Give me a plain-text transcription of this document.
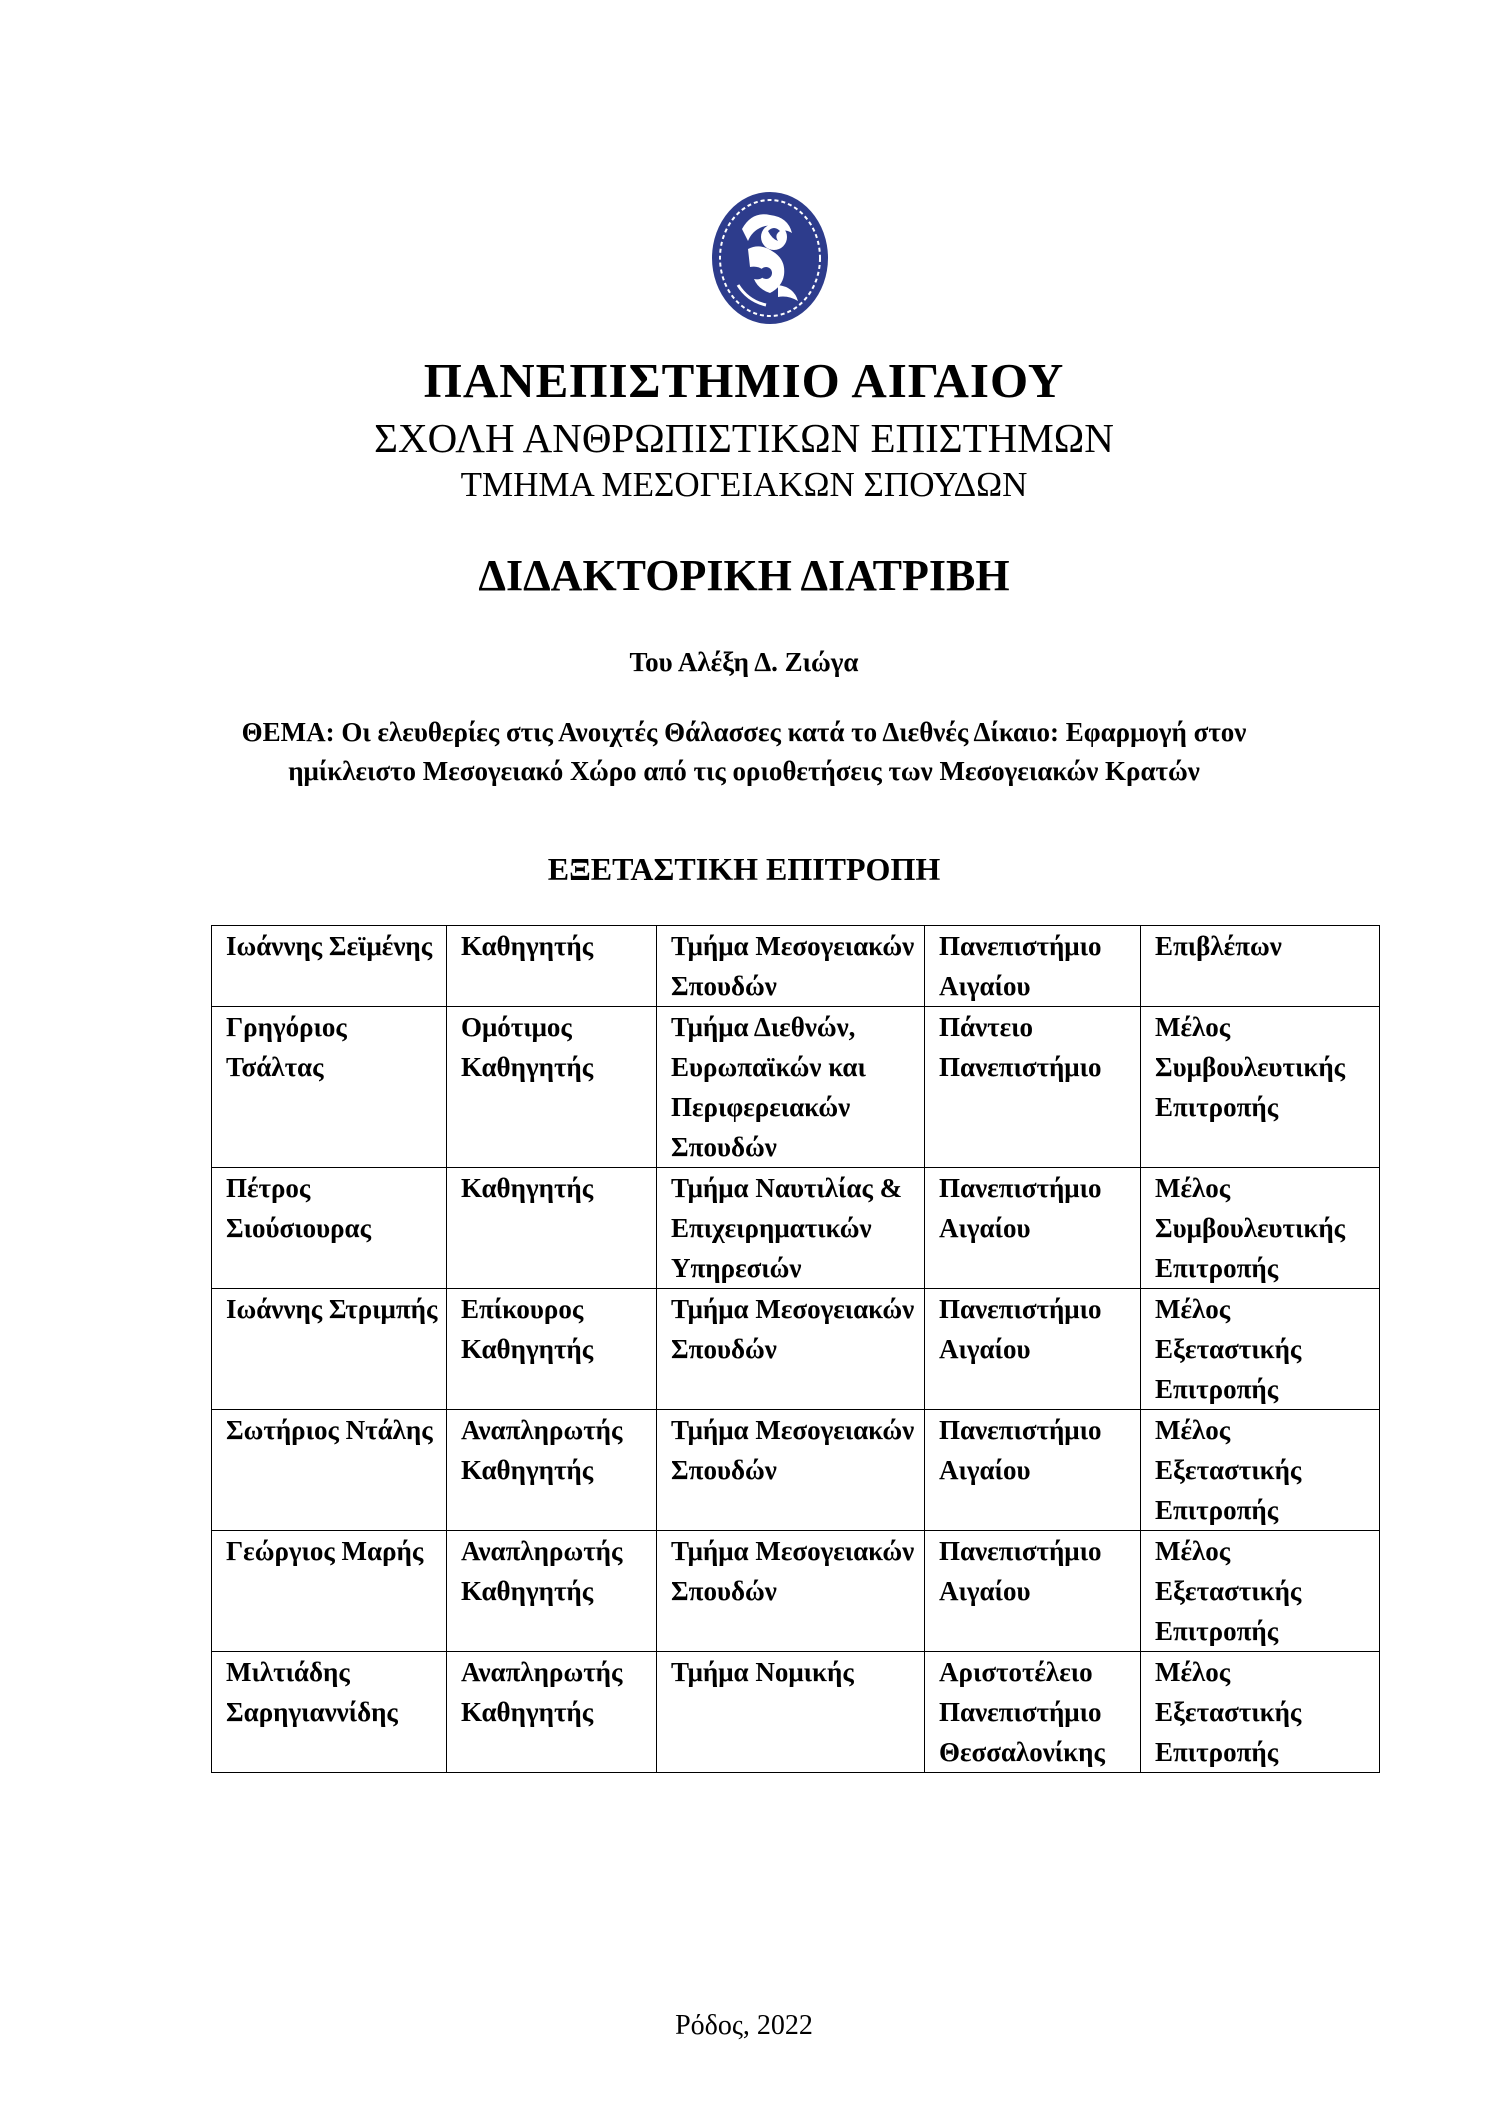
ΠΑΝΕΠΙΣΤΗΜΙΟ ΑΙΓΑΙΟΥ
ΣΧΟΛΗ ΑΝΘΡΩΠΙΣΤΙΚΩΝ ΕΠΙΣΤΗΜΩΝ
ΤΜΗΜΑ ΜΕΣΟΓΕΙΑΚΩΝ ΣΠΟΥΔΩΝ
ΔΙΔΑΚΤΟΡΙΚΗ ΔΙΑΤΡΙΒΗ
Του Αλέξη Δ. Ζιώγα
ΘΕΜΑ: Οι ελευθερίες στις Ανοιχτές Θάλασσες κατά το Διεθνές Δίκαιο: Εφαρμογή στον
ημίκλειστο Μεσογειακό Χώρο από τις οριοθετήσεις των Μεσογειακών Κρατών
ΕΞΕΤΑΣΤΙΚΗ ΕΠΙΤΡΟΠΗ
Ιωάννης Σεϊμένης	Καθηγητής	Τμήμα Μεσογειακών Σπουδών	Πανεπιστήμιο Αιγαίου	Επιβλέπων
Γρηγόριος Τσάλτας	Ομότιμος Καθηγητής	Τμήμα Διεθνών, Ευρωπαϊκών και Περιφερειακών Σπουδών	Πάντειο Πανεπιστήμιο	Μέλος Συμβουλευτικής Επιτροπής
Πέτρος Σιούσιουρας	Καθηγητής	Τμήμα Ναυτιλίας & Επιχειρηματικών Υπηρεσιών	Πανεπιστήμιο Αιγαίου	Μέλος Συμβουλευτικής Επιτροπής
Ιωάννης Στριμπής	Επίκουρος Καθηγητής	Τμήμα Μεσογειακών Σπουδών	Πανεπιστήμιο Αιγαίου	Μέλος Εξεταστικής Επιτροπής
Σωτήριος Ντάλης	Αναπληρωτής Καθηγητής	Τμήμα Μεσογειακών Σπουδών	Πανεπιστήμιο Αιγαίου	Μέλος Εξεταστικής Επιτροπής
Γεώργιος Μαρής	Αναπληρωτής Καθηγητής	Τμήμα Μεσογειακών Σπουδών	Πανεπιστήμιο Αιγαίου	Μέλος Εξεταστικής Επιτροπής
Μιλτιάδης Σαρηγιαννίδης	Αναπληρωτής Καθηγητής	Τμήμα Νομικής	Αριστοτέλειο Πανεπιστήμιο Θεσσαλονίκης	Μέλος Εξεταστικής Επιτροπής
Ρόδος, 2022
